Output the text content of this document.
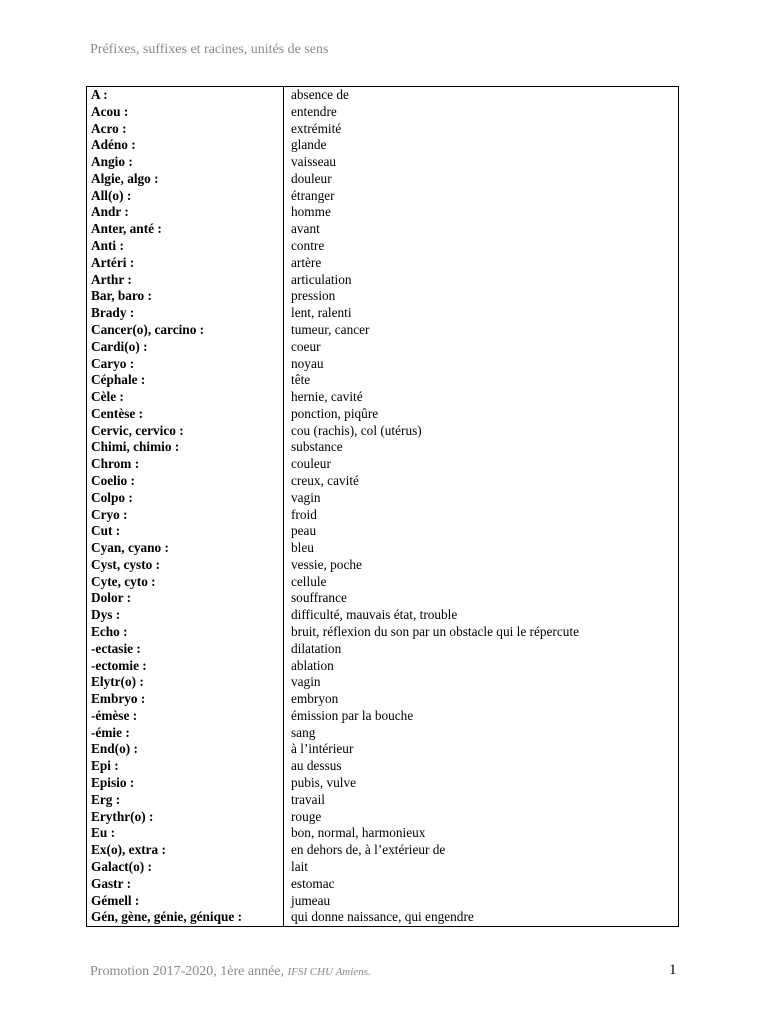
Préfixes, suffixes et racines, unités de sens
A :	absence de
Acou :	entendre
Acro :	extrémité
Adéno :	glande
Angio :	vaisseau
Algie, algo :	douleur
All(o) :	étranger
Andr :	homme
Anter, anté :	avant
Anti :	contre
Artéri :	artère
Arthr :	articulation
Bar, baro :	pression
Brady :	lent, ralenti
Cancer(o), carcino :	tumeur, cancer
Cardi(o) :	coeur
Caryo :	noyau
Céphale :	tête
Cèle :	hernie, cavité
Centèse :	ponction, piqûre
Cervic, cervico :	cou (rachis), col (utérus)
Chimi, chimio :	substance
Chrom :	couleur
Coelio :	creux, cavité
Colpo :	vagin
Cryo :	froid
Cut :	peau
Cyan, cyano :	bleu
Cyst, cysto :	vessie, poche
Cyte, cyto :	cellule
Dolor :	souffrance
Dys :	difficulté, mauvais état, trouble
Echo :	bruit, réflexion du son par un obstacle qui le répercute
-ectasie :	dilatation
-ectomie :	ablation
Elytr(o) :	vagin
Embryo :	embryon
-émèse :	émission par la bouche
-émie :	sang
End(o) :	à l’intérieur
Epi :	au dessus
Episio :	pubis, vulve
Erg :	travail
Erythr(o) :	rouge
Eu :	bon, normal, harmonieux
Ex(o), extra :	en dehors de, à l’extérieur de
Galact(o) :	lait
Gastr :	estomac
Gémell :	jumeau
Gén, gène, génie, génique :	qui donne naissance, qui engendre
Promotion 2017-2020, 1ère année, IFSI CHU Amiens.	1
